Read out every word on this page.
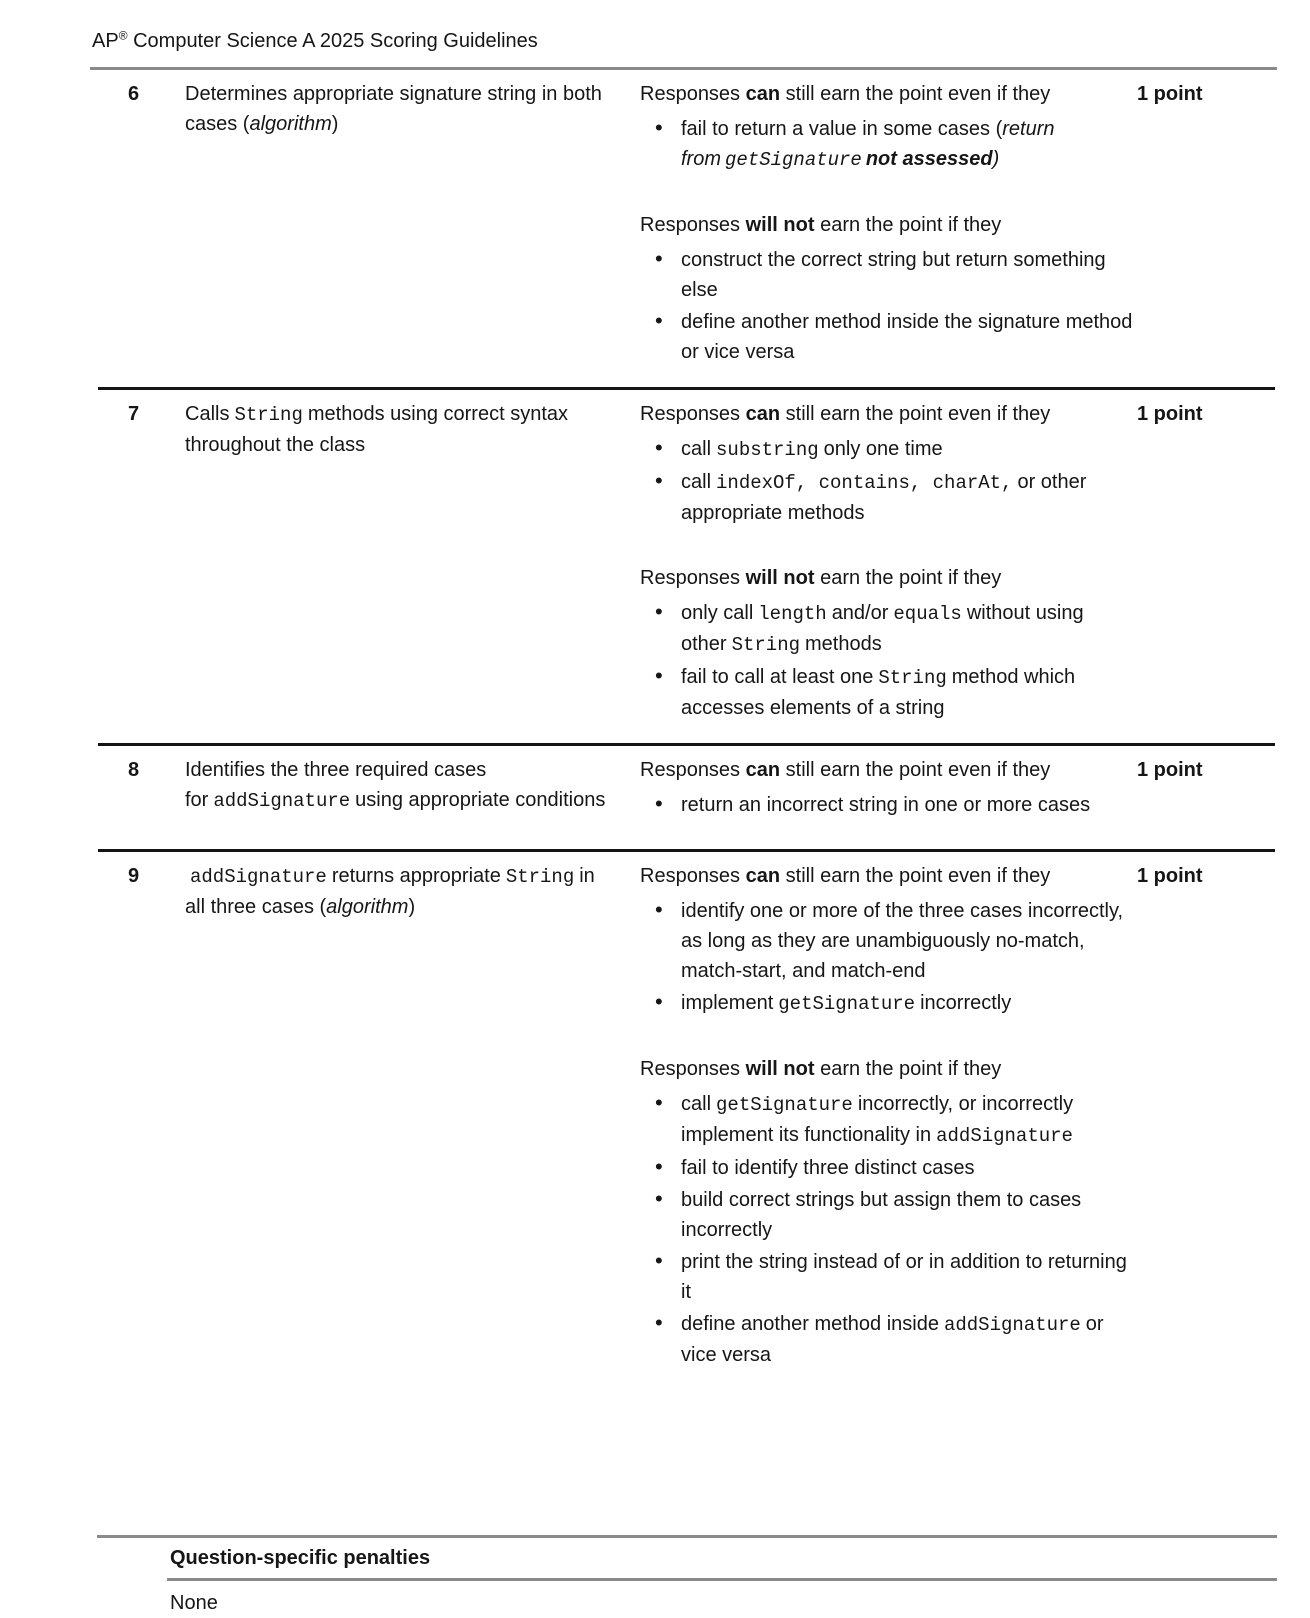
AP® Computer Science A 2025 Scoring Guidelines

6	Determines appropriate signature string in both cases (algorithm)

Responses can still earn the point even if they

• fail to return a value in some cases (return from getSignature not assessed)

Responses will not earn the point if they

• construct the correct string but return something else
• define another method inside the signature method or vice versa
1 point
7	Calls String methods using correct syntax throughout the class

Responses can still earn the point even if they

• call substring only one time
• call indexOf, contains, charAt, or other appropriate methods

Responses will not earn the point if they

• only call length and/or equals without using other String methods
• fail to call at least one String method which accesses elements of a string
1 point
8	Identifies the three required cases for addSignature using appropriate conditions

Responses can still earn the point even if they

• return an incorrect string in one or more cases
1 point
9	addSignature returns appropriate String in all three cases (algorithm)

Responses can still earn the point even if they

• identify one or more of the three cases incorrectly, as long as they are unambiguously no-match, match-start, and match-end
• implement getSignature incorrectly

Responses will not earn the point if they

• call getSignature incorrectly, or incorrectly implement its functionality in addSignature
• fail to identify three distinct cases
• build correct strings but assign them to cases incorrectly
• print the string instead of or in addition to returning it
• define another method inside addSignature or vice versa
1 point

Question-specific penalties

None
